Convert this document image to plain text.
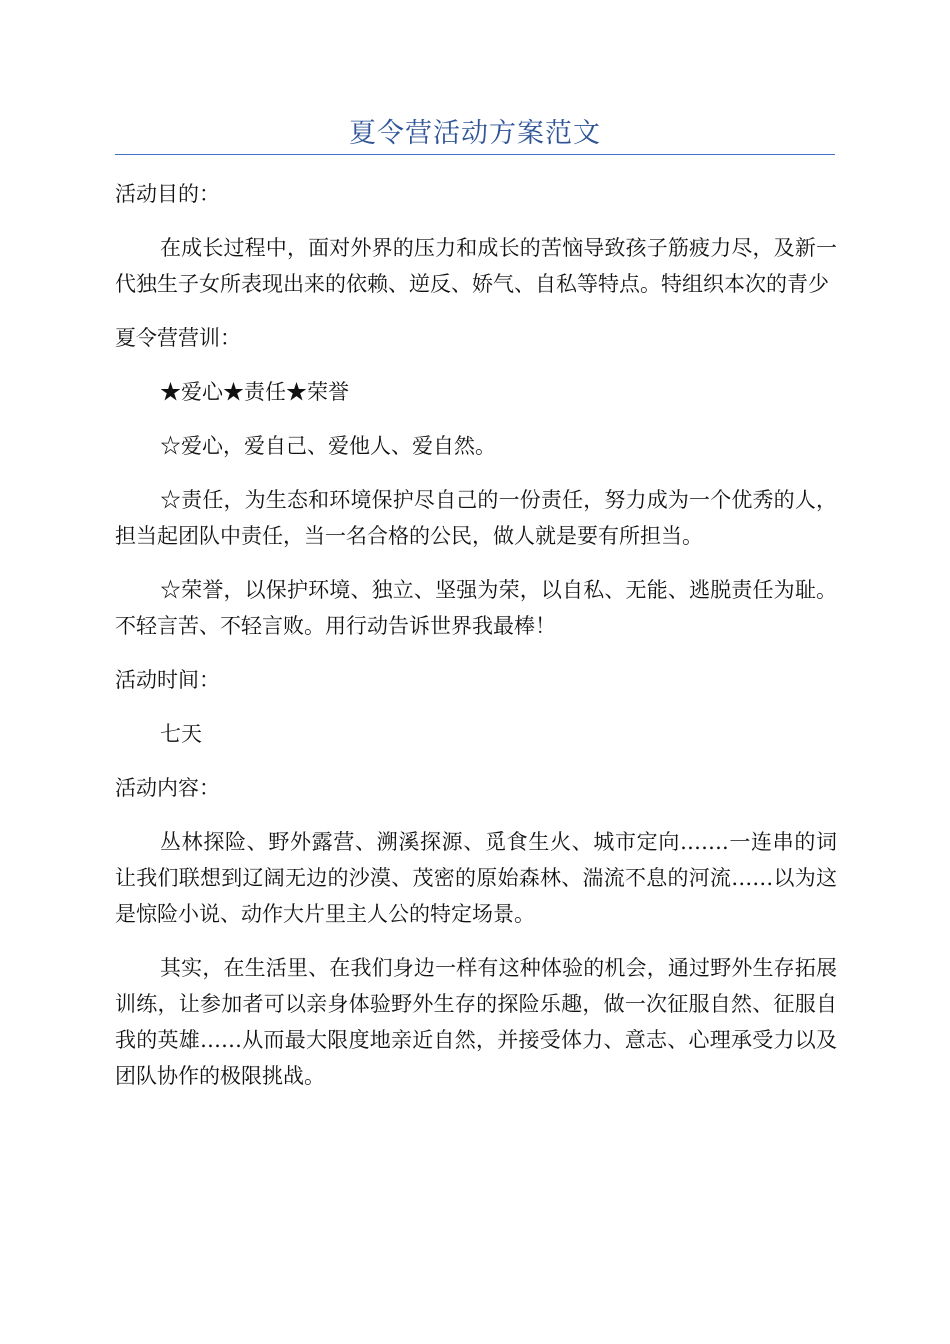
夏令营活动方案范文

活动目的：

在成长过程中，面对外界的压力和成长的苦恼导致孩子筋疲力尽，及新一代独生子女所表现出来的依赖、逆反、娇气、自私等特点。特组织本次的青少

夏令营营训：

★爱心★责任★荣誉

☆爱心，爱自己、爱他人、爱自然。

☆责任，为生态和环境保护尽自己的一份责任，努力成为一个优秀的人，担当起团队中责任，当一名合格的公民，做人就是要有所担当。

☆荣誉，以保护环境、独立、坚强为荣，以自私、无能、逃脱责任为耻。不轻言苦、不轻言败。用行动告诉世界我最棒！

活动时间：

七天

活动内容：

丛林探险、野外露营、溯溪探源、觅食生火、城市定向…….一连串的词让我们联想到辽阔无边的沙漠、茂密的原始森林、湍流不息的河流……以为这是惊险小说、动作大片里主人公的特定场景。

其实，在生活里、在我们身边一样有这种体验的机会，通过野外生存拓展训练，让参加者可以亲身体验野外生存的探险乐趣，做一次征服自然、征服自我的英雄……从而最大限度地亲近自然，并接受体力、意志、心理承受力以及团队协作的极限挑战。
